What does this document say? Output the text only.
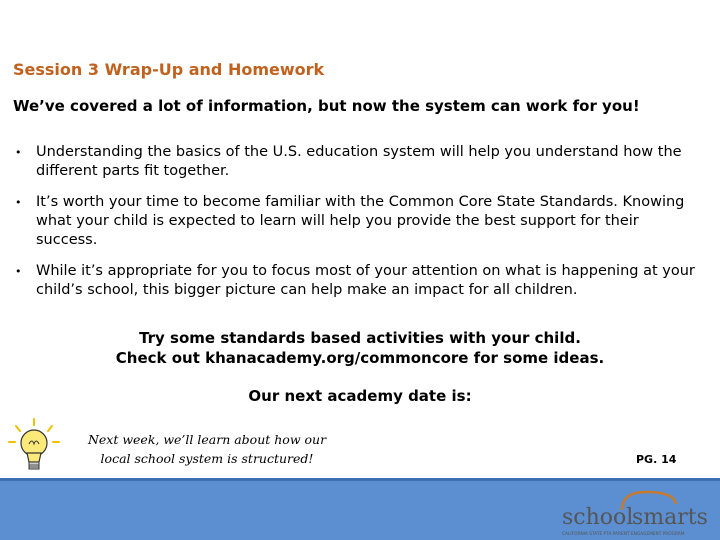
Session 3 Wrap-Up and Homework
We’ve covered a lot of information, but now the system can work for you!
• Understanding the basics of the U.S. education system will help you understand how the different parts fit together.
• It’s worth your time to become familiar with the Common Core State Standards. Knowing what your child is expected to learn will help you provide the best support for their success.
• While it’s appropriate for you to focus most of your attention on what is happening at your child’s school, this bigger picture can help make an impact for all children.
Try some standards based activities with your child.
Check out khanacademy.org/commoncore for some ideas.
Our next academy date is:
Next week, we’ll learn about how our
local school system is structured!	PG. 14
school
smarts
CALIFORNIA STATE PTA PARENT ENGAGEMENT PROGRAM
